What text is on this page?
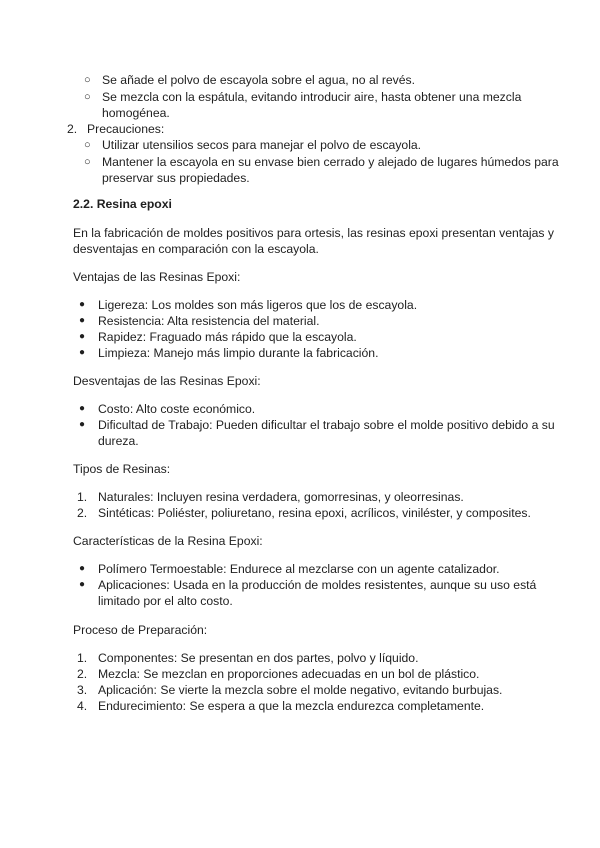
○ Se añade el polvo de escayola sobre el agua, no al revés.
○ Se mezcla con la espátula, evitando introducir aire, hasta obtener una mezcla homogénea.
2. Precauciones:
○ Utilizar utensilios secos para manejar el polvo de escayola.
○ Mantener la escayola en su envase bien cerrado y alejado de lugares húmedos para preservar sus propiedades.

2.2. Resina epoxi

En la fabricación de moldes positivos para ortesis, las resinas epoxi presentan ventajas y desventajas en comparación con la escayola.

Ventajas de las Resinas Epoxi:

● Ligereza: Los moldes son más ligeros que los de escayola.
● Resistencia: Alta resistencia del material.
● Rapidez: Fraguado más rápido que la escayola.
● Limpieza: Manejo más limpio durante la fabricación.

Desventajas de las Resinas Epoxi:

● Costo: Alto coste económico.
● Dificultad de Trabajo: Pueden dificultar el trabajo sobre el molde positivo debido a su dureza.

Tipos de Resinas:

1. Naturales: Incluyen resina verdadera, gomorresinas, y oleorresinas.
2. Sintéticas: Poliéster, poliuretano, resina epoxi, acrílicos, viniléster, y composites.

Características de la Resina Epoxi:

● Polímero Termoestable: Endurece al mezclarse con un agente catalizador.
● Aplicaciones: Usada en la producción de moldes resistentes, aunque su uso está limitado por el alto costo.

Proceso de Preparación:

1. Componentes: Se presentan en dos partes, polvo y líquido.
2. Mezcla: Se mezclan en proporciones adecuadas en un bol de plástico.
3. Aplicación: Se vierte la mezcla sobre el molde negativo, evitando burbujas.
4. Endurecimiento: Se espera a que la mezcla endurezca completamente.
